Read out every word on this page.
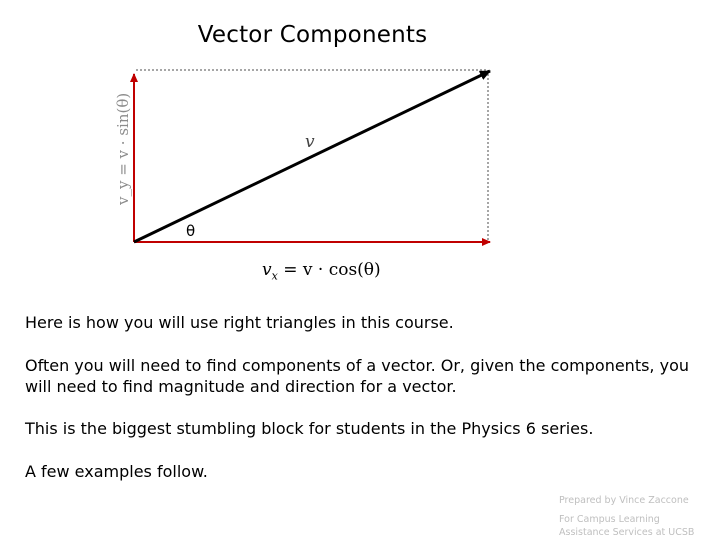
Vector Components
v_y = v · sin(θ)	v
θ
$v_x = v \cdot \cos(\theta)$
Here is how you will use right triangles in this course.
Often you will need to find components of a vector. Or, given the components, you will need to find magnitude and direction for a vector.
This is the biggest stumbling block for students in the Physics 6 series.
A few examples follow.
Prepared by Vince Zaccone
For Campus Learning
Assistance Services at UCSB
